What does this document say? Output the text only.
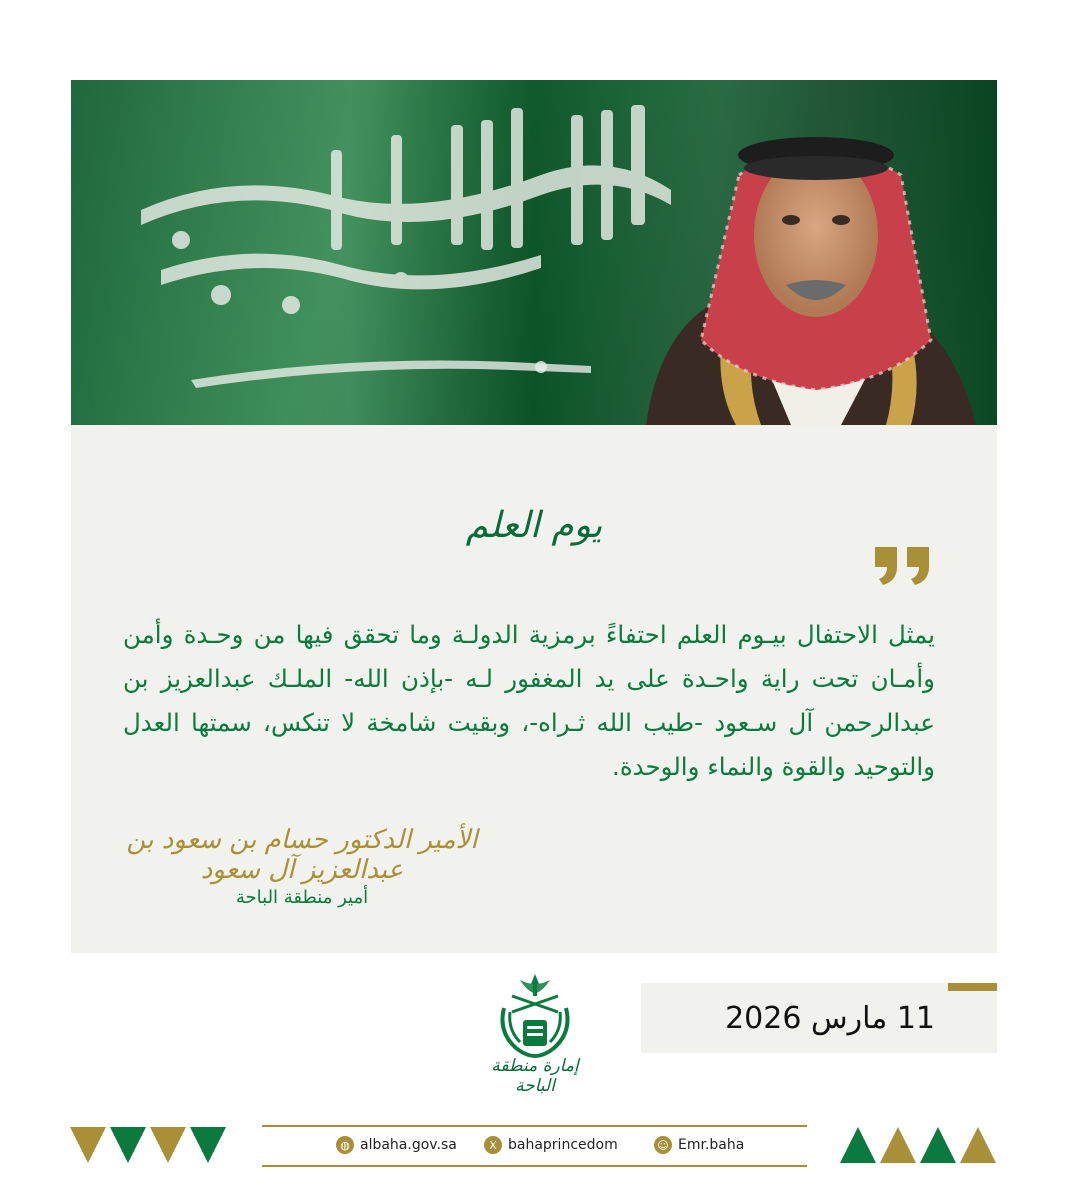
يوم العلم
يمثل الاحتفال بيـوم العلم احتفاءً برمزية الدولـة وما تحقق فيها من وحـدة وأمن وأمـان تحت راية واحـدة على يد المغفور لـه -بإذن الله- الملـك عبدالعزيز بن عبدالرحمن آل سـعود -طيب الله ثـراه-، وبقيت شامخة لا تنكس، سمتها العدل والتوحيد والقوة والنماء والوحدة.
الأمير الدكتور حسام بن سعود بن عبدالعزيز آل سعود
أمير منطقة الباحة
إمارة منطقة الباحة
11 مارس 2026
◍ albaha.gov.sa	X bahaprincedom	☺ Emr.baha
